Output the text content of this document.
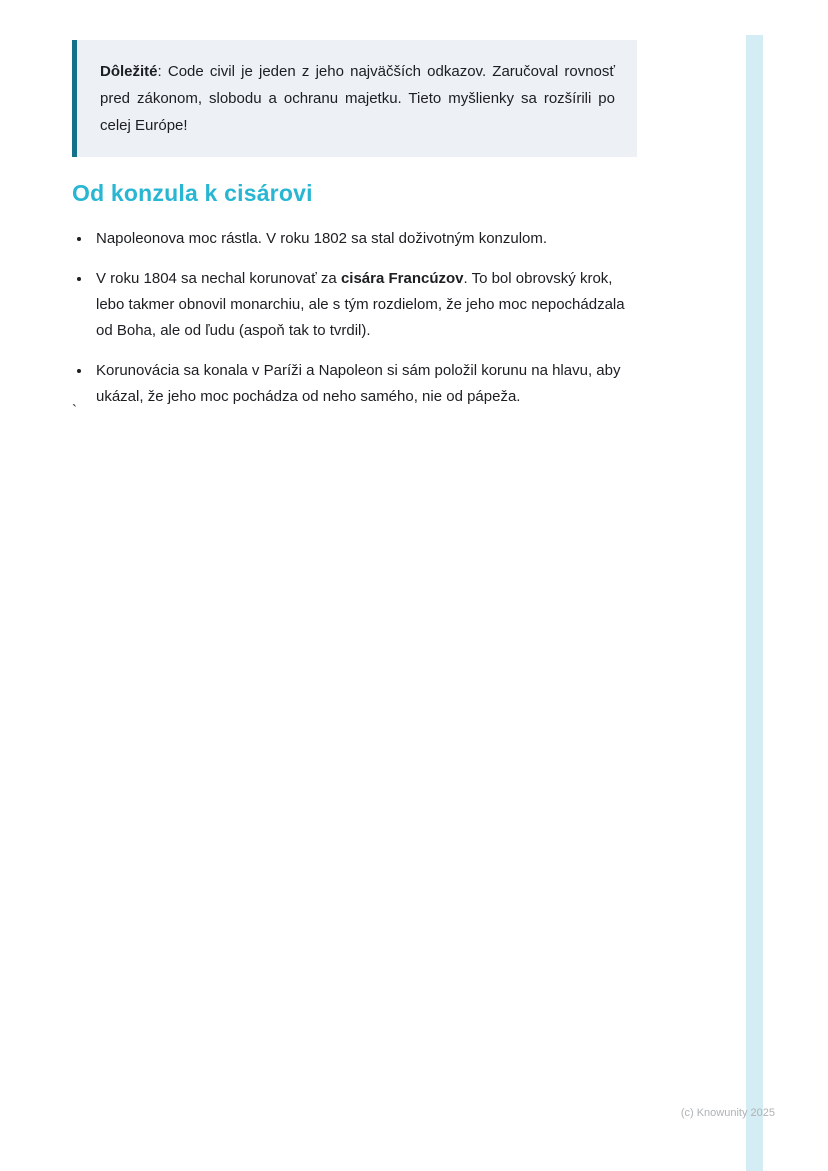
Dôležité: Code civil je jeden z jeho najväčších odkazov. Zaručoval rovnosť pred zákonom, slobodu a ochranu majetku. Tieto myšlienky sa rozšírili po celej Európe!
Od konzula k cisárovi
• Napoleonova moc rástla. V roku 1802 sa stal doživotným konzulom.
• V roku 1804 sa nechal korunovať za cisára Francúzov. To bol obrovský krok, lebo takmer obnovil monarchiu, ale s tým rozdielom, že jeho moc nepochádzala od Boha, ale od ľudu (aspoň tak to tvrdil).
• Korunovácia sa konala v Paríži a Napoleon si sám položil korunu na hlavu, aby ukázal, že jeho moc pochádza od neho samého, nie od pápeža.
`
(c) Knowunity 2025
